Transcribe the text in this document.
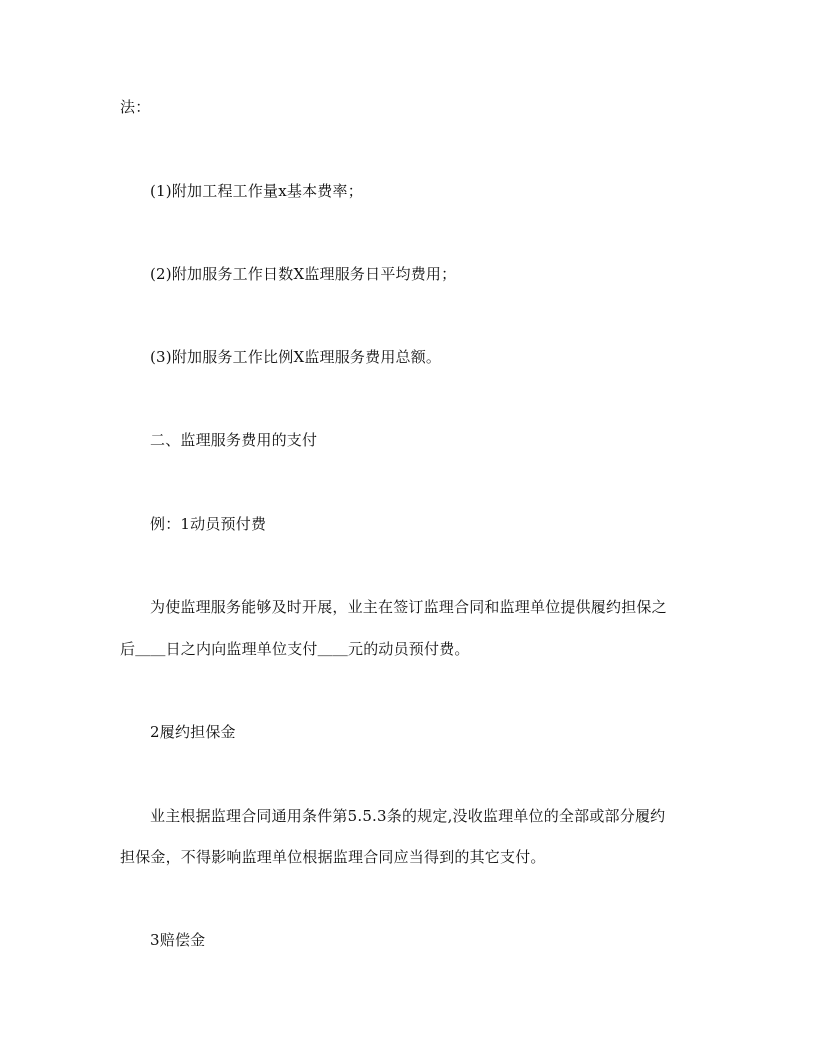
法：
(1)附加工程工作量x基本费率；
(2)附加服务工作日数X监理服务日平均费用；
(3)附加服务工作比例X监理服务费用总额。
二、监理服务费用的支付
例：1动员预付费
为使监理服务能够及时开展，业主在签订监理合同和监理单位提供履约担保之
后＿＿日之内向监理单位支付＿＿元的动员预付费。
2履约担保金
业主根据监理合同通用条件第5.5.3条的规定,没收监理单位的全部或部分履约
担保金，不得影响监理单位根据监理合同应当得到的其它支付。
3赔偿金
